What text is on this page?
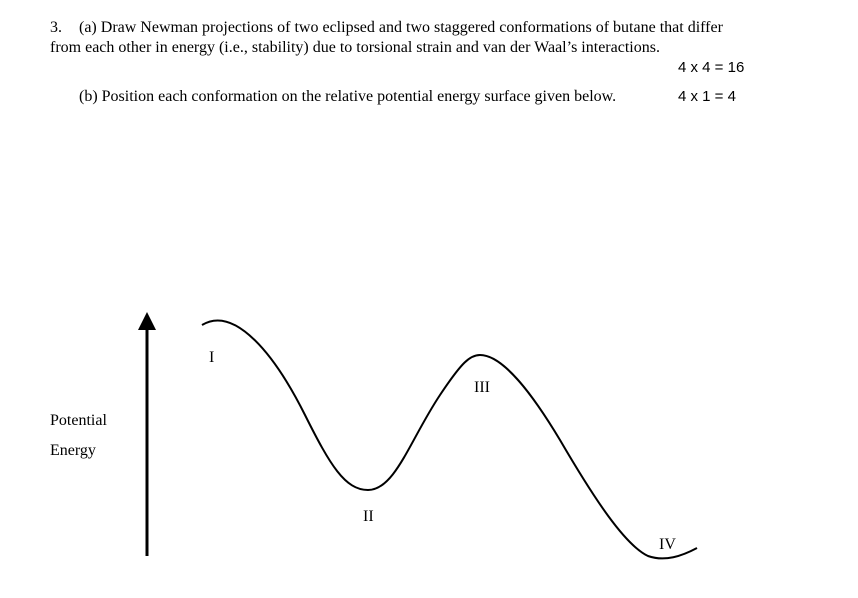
3. (a) Draw Newman projections of two eclipsed and two staggered conformations of butane that differ
from each other in energy (i.e., stability) due to torsional strain and van der Waal’s interactions.
4 x 4 = 16
(b) Position each conformation on the relative potential energy surface given below.	4 x 1 = 4
Potential
Energy
I
II
III
IV
